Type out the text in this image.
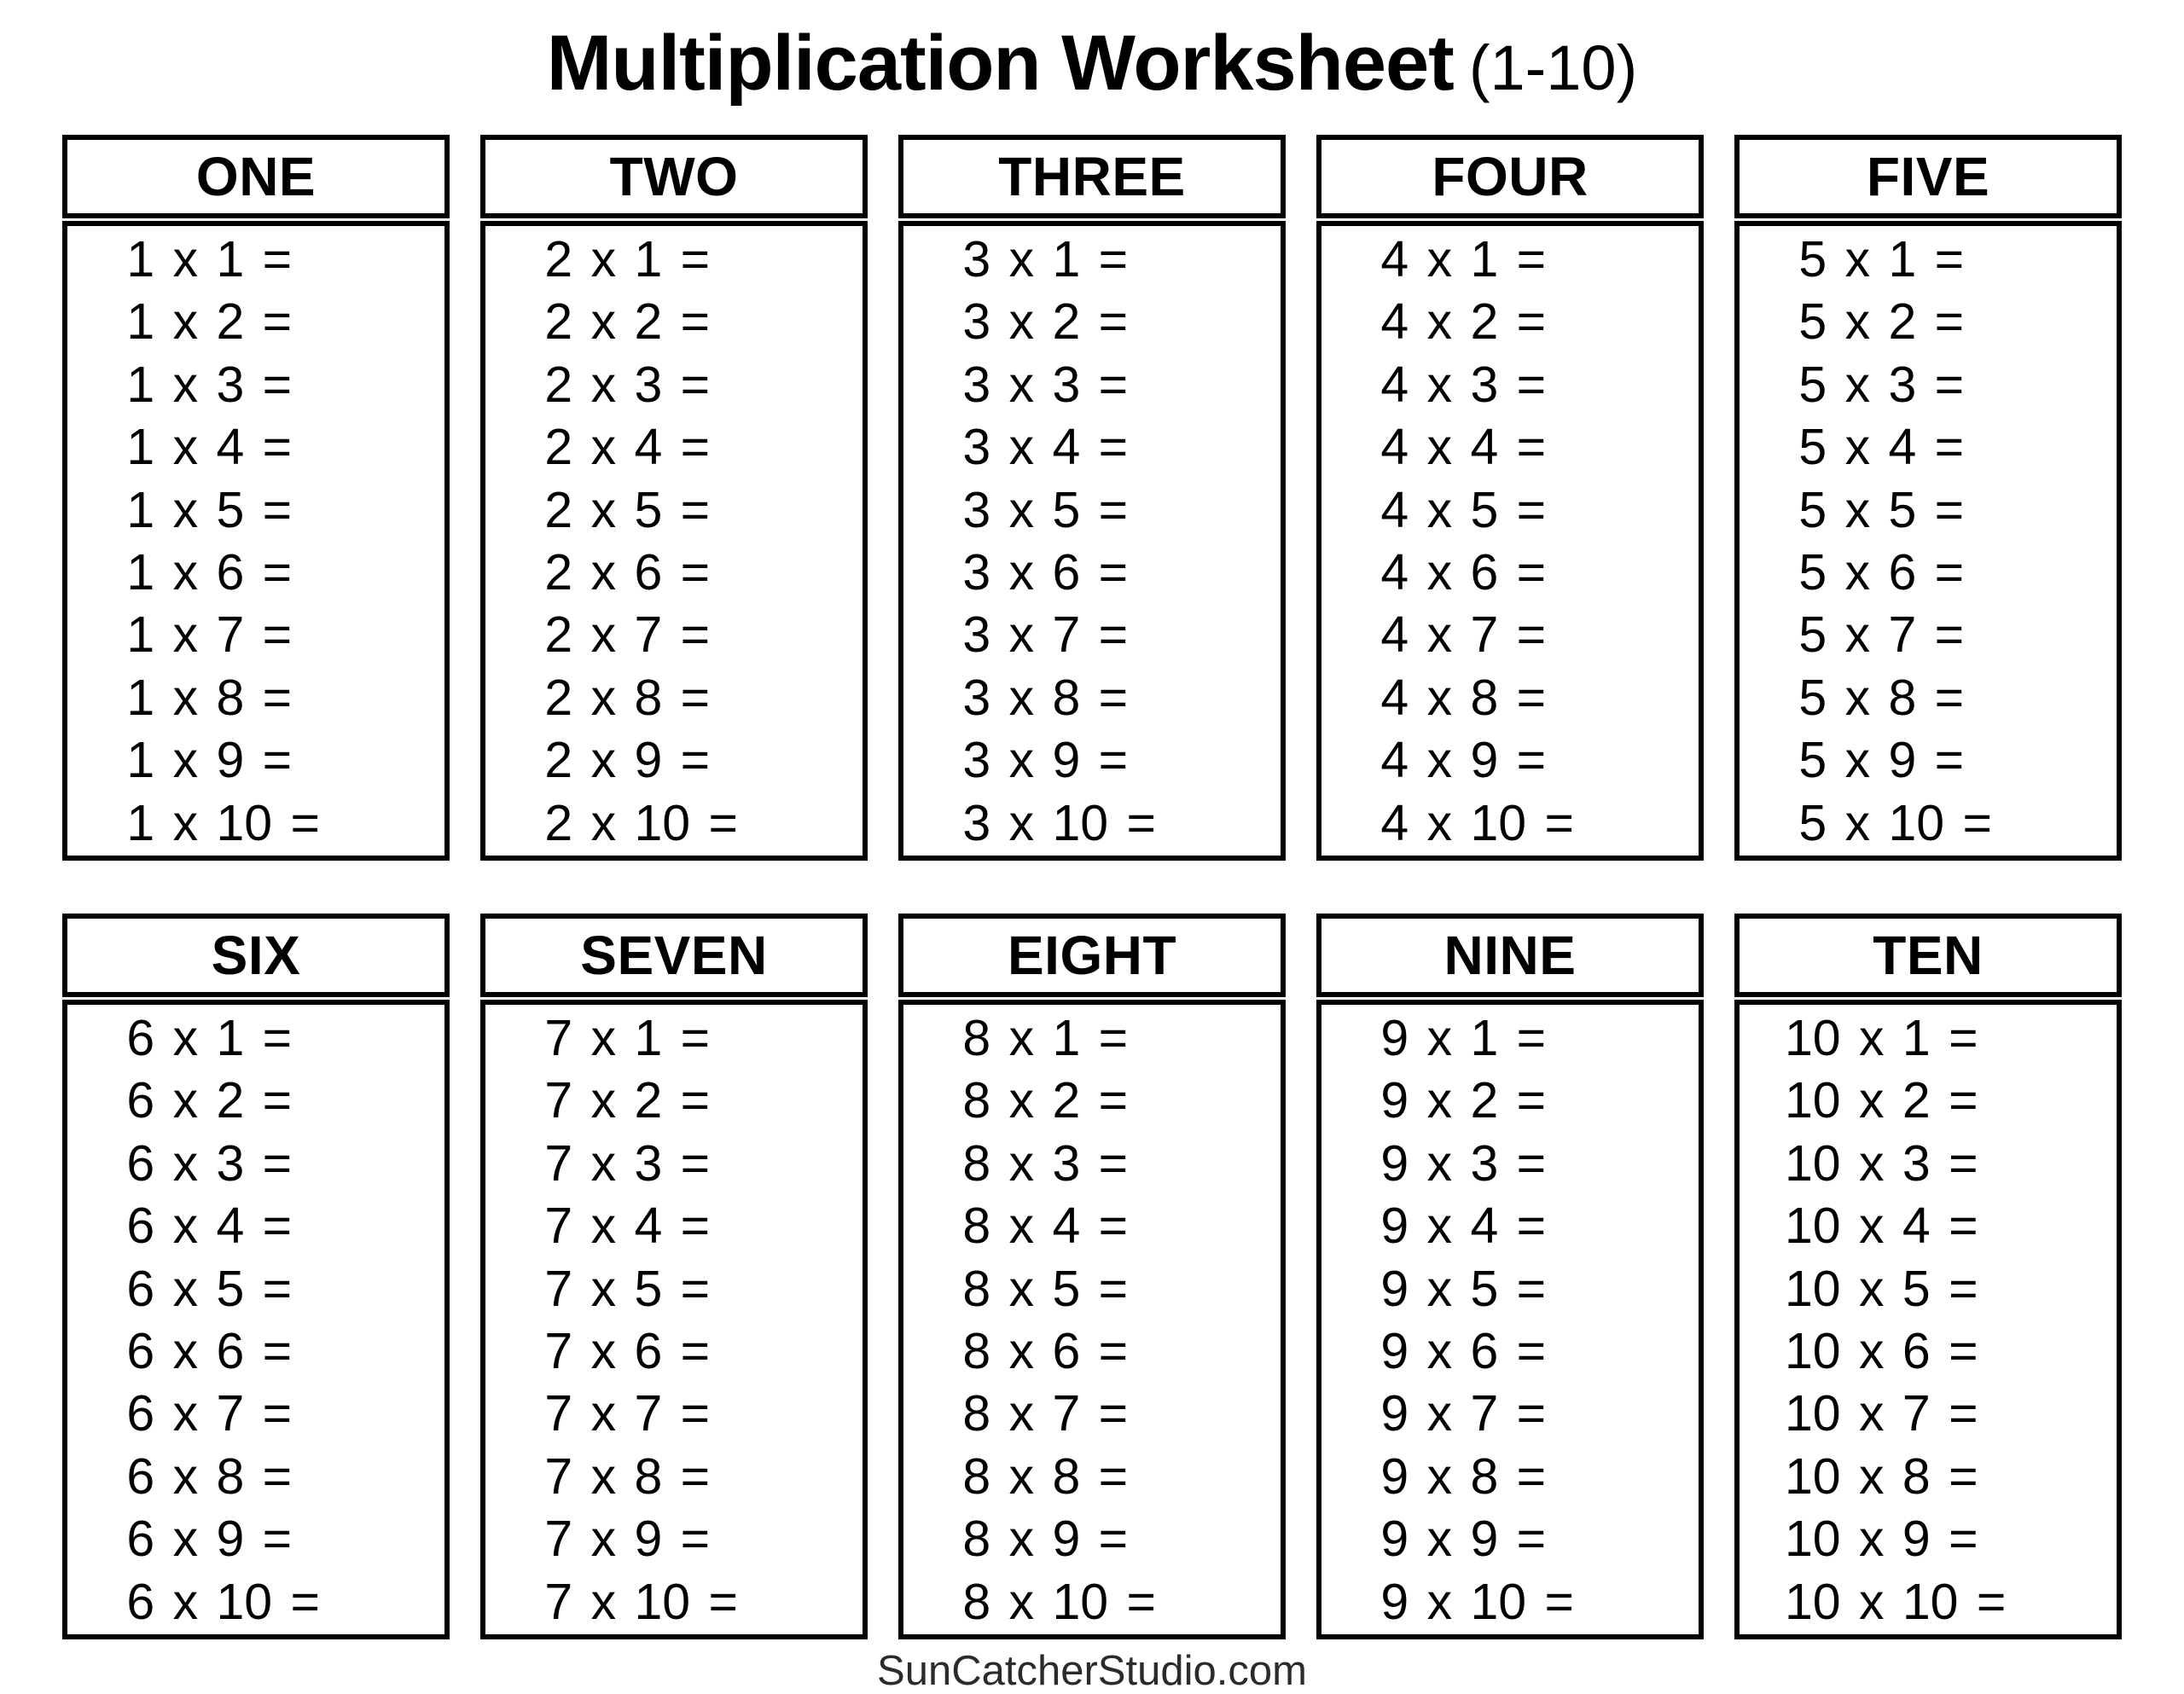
Multiplication Worksheet (1-10)
ONE
1 x 1 =
1 x 2 =
1 x 3 =
1 x 4 =
1 x 5 =
1 x 6 =
1 x 7 =
1 x 8 =
1 x 9 =
1 x 10 =
TWO
2 x 1 =
2 x 2 =
2 x 3 =
2 x 4 =
2 x 5 =
2 x 6 =
2 x 7 =
2 x 8 =
2 x 9 =
2 x 10 =
THREE
3 x 1 =
3 x 2 =
3 x 3 =
3 x 4 =
3 x 5 =
3 x 6 =
3 x 7 =
3 x 8 =
3 x 9 =
3 x 10 =
FOUR
4 x 1 =
4 x 2 =
4 x 3 =
4 x 4 =
4 x 5 =
4 x 6 =
4 x 7 =
4 x 8 =
4 x 9 =
4 x 10 =
FIVE
5 x 1 =
5 x 2 =
5 x 3 =
5 x 4 =
5 x 5 =
5 x 6 =
5 x 7 =
5 x 8 =
5 x 9 =
5 x 10 =
SIX
6 x 1 =
6 x 2 =
6 x 3 =
6 x 4 =
6 x 5 =
6 x 6 =
6 x 7 =
6 x 8 =
6 x 9 =
6 x 10 =
SEVEN
7 x 1 =
7 x 2 =
7 x 3 =
7 x 4 =
7 x 5 =
7 x 6 =
7 x 7 =
7 x 8 =
7 x 9 =
7 x 10 =
EIGHT
8 x 1 =
8 x 2 =
8 x 3 =
8 x 4 =
8 x 5 =
8 x 6 =
8 x 7 =
8 x 8 =
8 x 9 =
8 x 10 =
NINE
9 x 1 =
9 x 2 =
9 x 3 =
9 x 4 =
9 x 5 =
9 x 6 =
9 x 7 =
9 x 8 =
9 x 9 =
9 x 10 =
TEN
10 x 1 =
10 x 2 =
10 x 3 =
10 x 4 =
10 x 5 =
10 x 6 =
10 x 7 =
10 x 8 =
10 x 9 =
10 x 10 =
SunCatcherStudio.com
